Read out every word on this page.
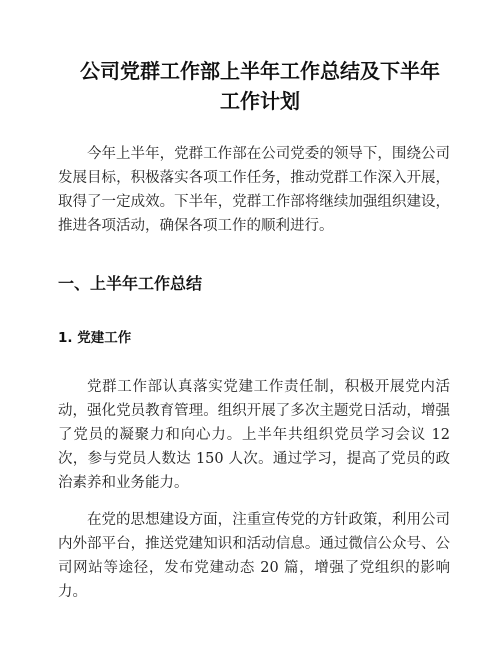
公司党群工作部上半年工作总结及下半年
工作计划
今年上半年，党群工作部在公司党委的领导下，围绕公司发展目标，积极落实各项工作任务，推动党群工作深入开展，取得了一定成效。下半年，党群工作部将继续加强组织建设，推进各项活动，确保各项工作的顺利进行。
一、上半年工作总结
1. 党建工作
党群工作部认真落实党建工作责任制，积极开展党内活动，强化党员教育管理。组织开展了多次主题党日活动，增强了党员的凝聚力和向心力。上半年共组织党员学习会议 12 次，参与党员人数达 150 人次。通过学习，提高了党员的政治素养和业务能力。
在党的思想建设方面，注重宣传党的方针政策，利用公司内外部平台，推送党建知识和活动信息。通过微信公众号、公司网站等途径，发布党建动态 20 篇，增强了党组织的影响力。
